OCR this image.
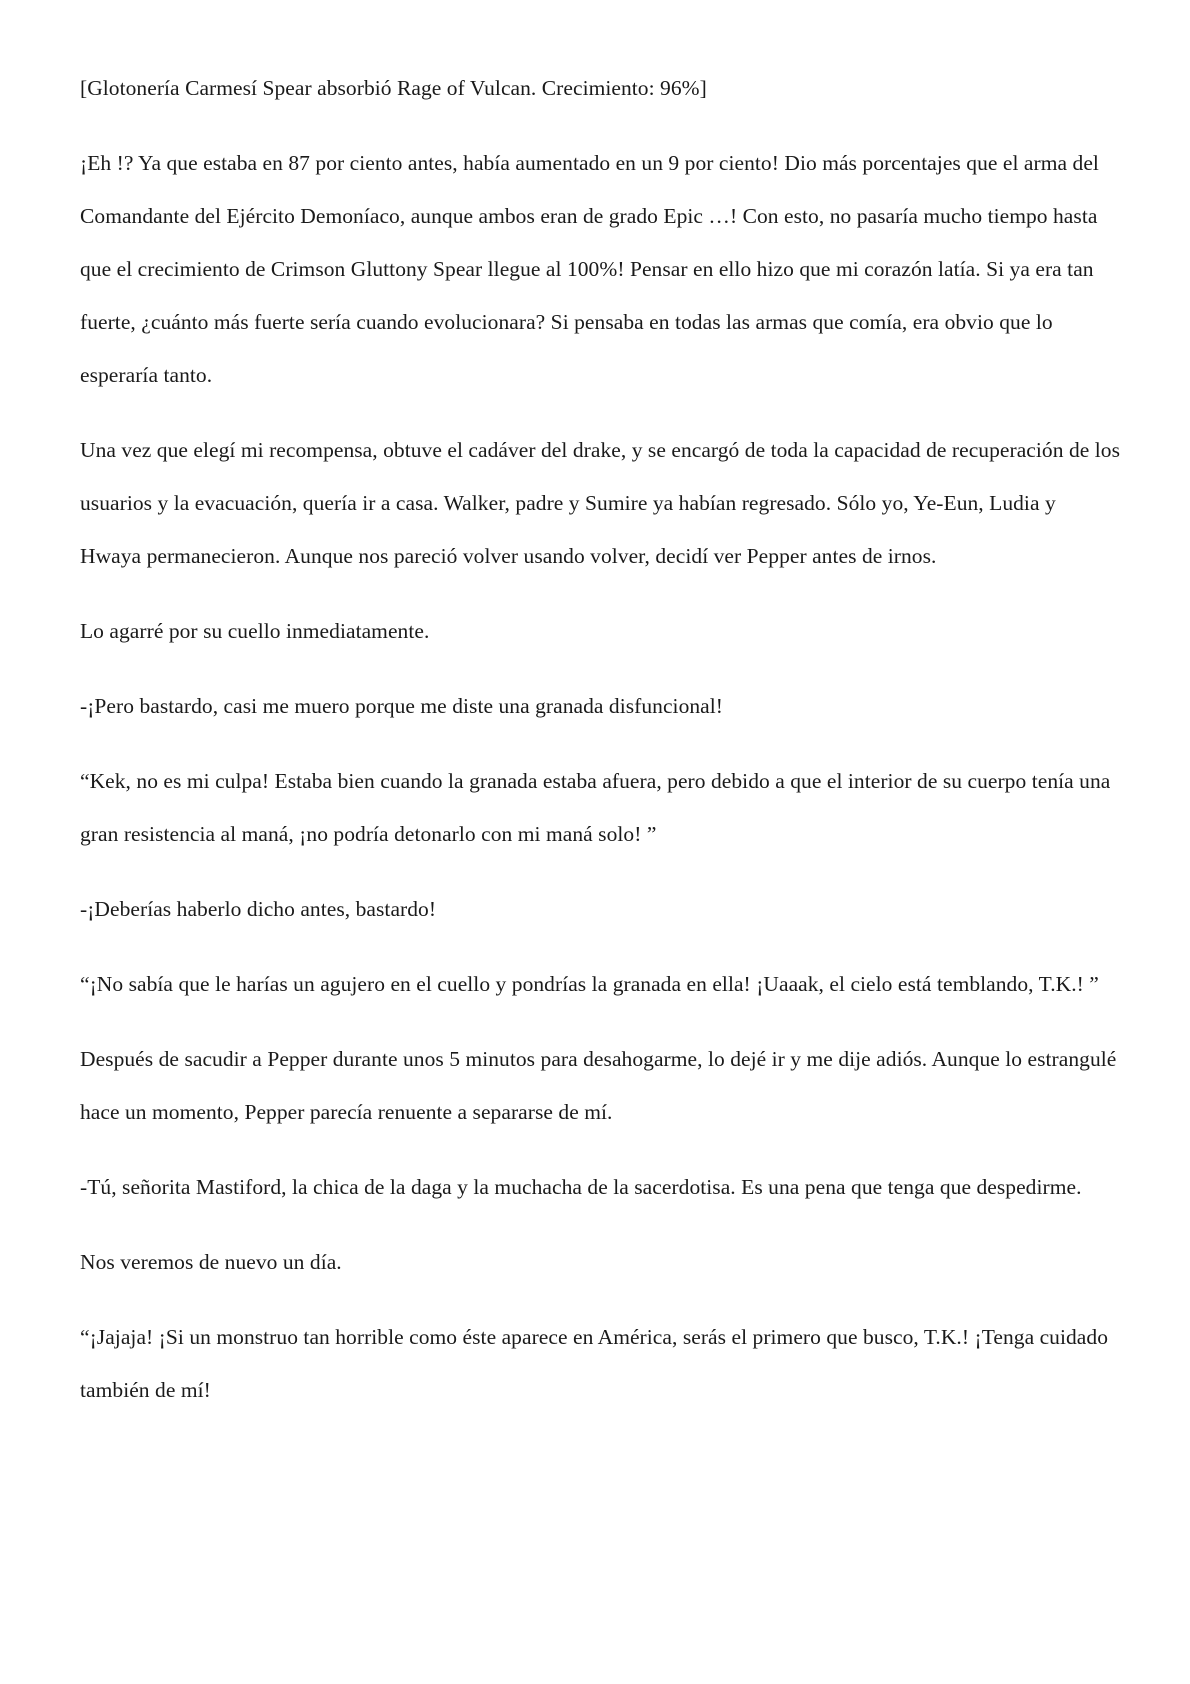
[Glotonería Carmesí Spear absorbió Rage of Vulcan. Crecimiento: 96%]

¡Eh !? Ya que estaba en 87 por ciento antes, había aumentado en un 9 por ciento! Dio más porcentajes que el arma del Comandante del Ejército Demoníaco, aunque ambos eran de grado Epic …! Con esto, no pasaría mucho tiempo hasta que el crecimiento de Crimson Gluttony Spear llegue al 100%! Pensar en ello hizo que mi corazón latía. Si ya era tan fuerte, ¿cuánto más fuerte sería cuando evolucionara? Si pensaba en todas las armas que comía, era obvio que lo esperaría tanto.

Una vez que elegí mi recompensa, obtuve el cadáver del drake, y se encargó de toda la capacidad de recuperación de los usuarios y la evacuación, quería ir a casa. Walker, padre y Sumire ya habían regresado. Sólo yo, Ye-Eun, Ludia y Hwaya permanecieron. Aunque nos pareció volver usando volver, decidí ver Pepper antes de irnos.

Lo agarré por su cuello inmediatamente.

-¡Pero bastardo, casi me muero porque me diste una granada disfuncional!

“Kek, no es mi culpa! Estaba bien cuando la granada estaba afuera, pero debido a que el interior de su cuerpo tenía una gran resistencia al maná, ¡no podría detonarlo con mi maná solo! ”

-¡Deberías haberlo dicho antes, bastardo!

“¡No sabía que le harías un agujero en el cuello y pondrías la granada en ella! ¡Uaaak, el cielo está temblando, T.K.! ”

Después de sacudir a Pepper durante unos 5 minutos para desahogarme, lo dejé ir y me dije adiós. Aunque lo estrangulé hace un momento, Pepper parecía renuente a separarse de mí.

-Tú, señorita Mastiford, la chica de la daga y la muchacha de la sacerdotisa. Es una pena que tenga que despedirme.

Nos veremos de nuevo un día.

“¡Jajaja! ¡Si un monstruo tan horrible como éste aparece en América, serás el primero que busco, T.K.! ¡Tenga cuidado también de mí!
